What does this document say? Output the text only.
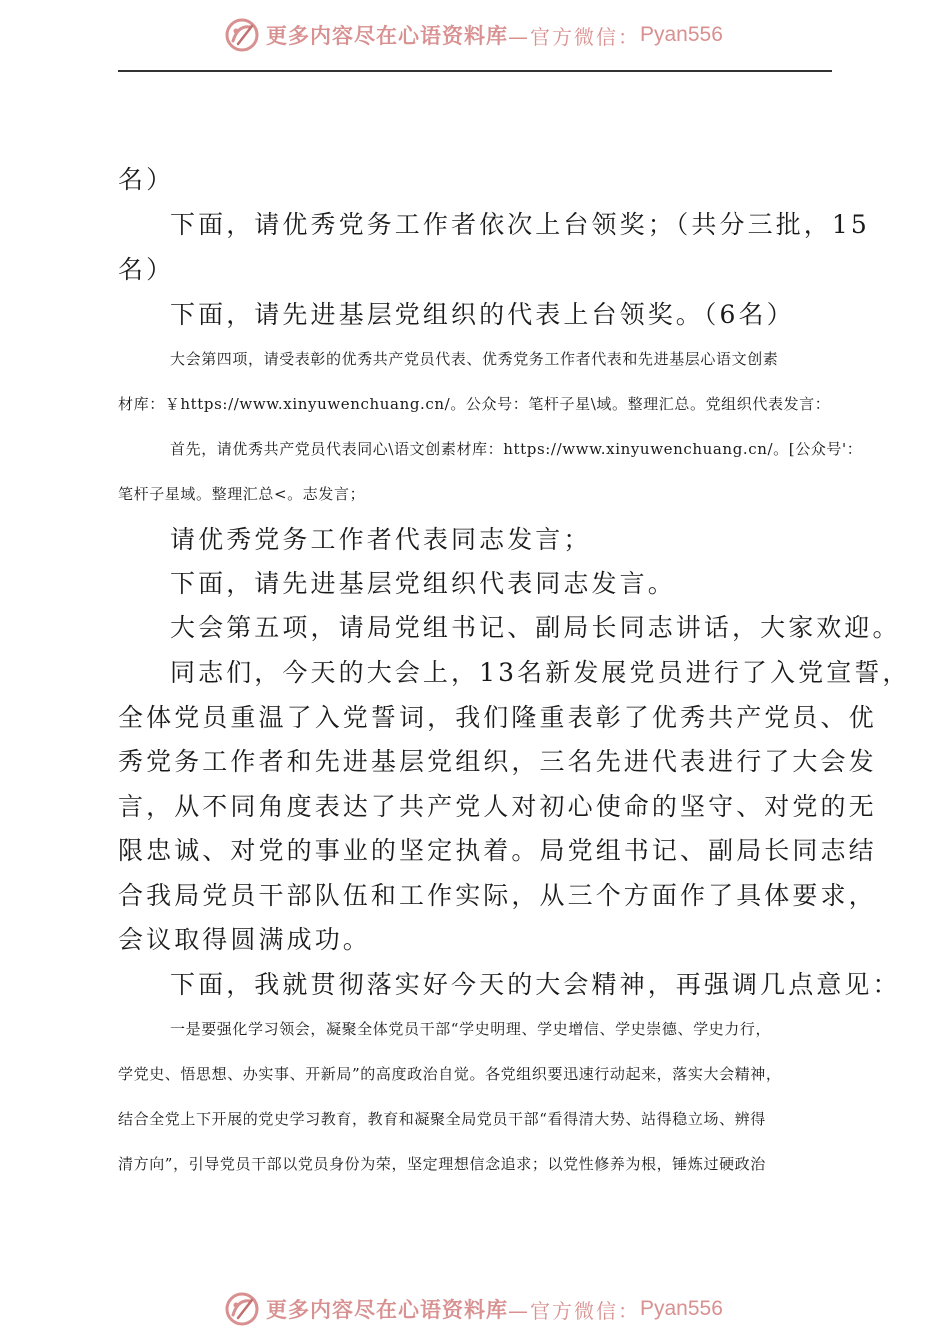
更多内容尽在心语资料库 —官方微信： Pyan556
名）
下面，请优秀党务工作者依次上台领奖；（共分三批，15
名）
下面，请先进基层党组织的代表上台领奖。（6名）
大会第四项，请受表彰的优秀共产党员代表、优秀党务工作者代表和先进基层心语文创素
材库：￥https://www.xinyuwenchuang.cn/。公众号：笔杆子星\域。整理汇总。党组织代表发言：
首先，请优秀共产党员代表同心\语文创素材库：https://www.xinyuwenchuang.cn/。[公众号'：
笔杆子星域。整理汇总<。志发言；
请优秀党务工作者代表同志发言；
下面，请先进基层党组织代表同志发言。
大会第五项，请局党组书记、副局长同志讲话，大家欢迎。
同志们，今天的大会上，13名新发展党员进行了入党宣誓，
全体党员重温了入党誓词，我们隆重表彰了优秀共产党员、优
秀党务工作者和先进基层党组织，三名先进代表进行了大会发
言，从不同角度表达了共产党人对初心使命的坚守、对党的无
限忠诚、对党的事业的坚定执着。局党组书记、副局长同志结
合我局党员干部队伍和工作实际，从三个方面作了具体要求，
会议取得圆满成功。
下面，我就贯彻落实好今天的大会精神，再强调几点意见：
一是要强化学习领会，凝聚全体党员干部“学史明理、学史增信、学史崇德、学史力行，
学党史、悟思想、办实事、开新局”的高度政治自觉。各党组织要迅速行动起来，落实大会精神，
结合全党上下开展的党史学习教育，教育和凝聚全局党员干部“看得清大势、站得稳立场、辨得
清方向”，引导党员干部以党员身份为荣，坚定理想信念追求；以党性修养为根，锤炼过硬政治
更多内容尽在心语资料库 —官方微信： Pyan556
